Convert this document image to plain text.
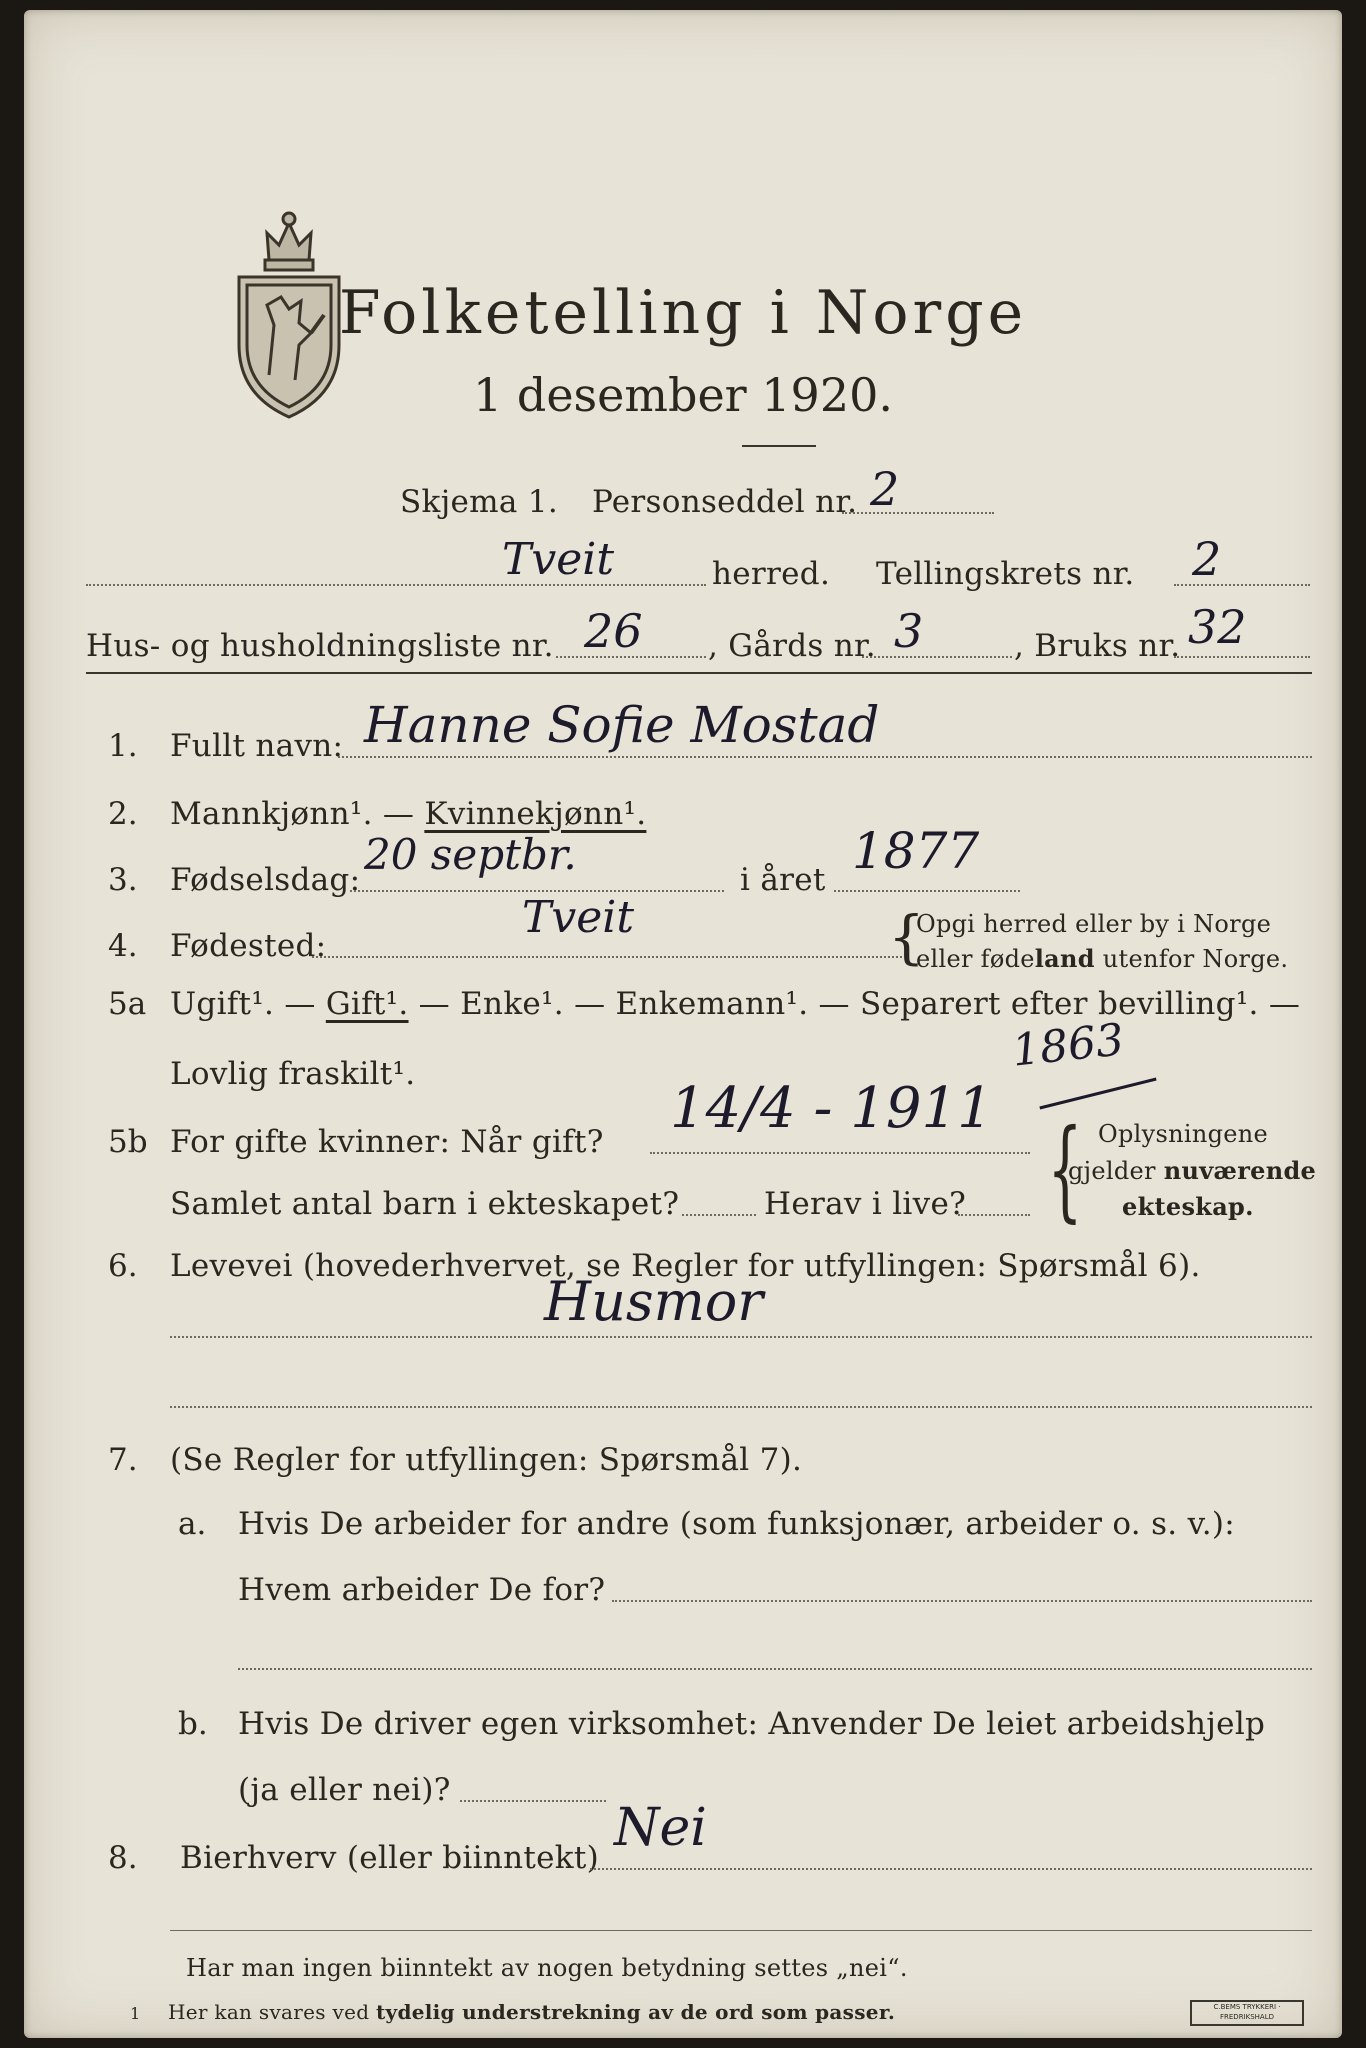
Folketelling i Norge
1 desember 1920.
Skjema 1. Personseddel nr. 2
Tveit	herred. Tellingskrets nr. 2
Hus- og husholdningsliste nr. 26 , Gårds nr. 3	, Bruks nr. 32
1. Fullt navn: Hanne Sofie Mostad
2. Mannkjønn¹. — Kvinnekjønn¹.
3. Fødselsdag:
20 septbr.
i året 1877
4. Fødested:
Tveit	{
Opgi herred eller by i Norge
eller fødeland utenfor Norge.
5a Ugift¹. — Gift¹. — Enke¹. — Enkemann¹. — Separert efter bevilling¹. —
Lovlig fraskilt¹.	1863
5b For gifte kvinner: Når gift?
14/4 - 1911
Samlet antal barn i ekteskapet?	Herav i live? { Oplysningene
gjelder nuværende
ekteskap.
6. Levevei (hovederhvervet, se Regler for utfyllingen: Spørsmål 6).
Husmor
7. (Se Regler for utfyllingen: Spørsmål 7).
a. Hvis De arbeider for andre (som funksjonær, arbeider o. s. v.):
Hvem arbeider De for?
b. Hvis De driver egen virksomhet: Anvender De leiet arbeidshjelp
(ja eller nei)?
8. Bierhverv (eller biinntekt) Nei
Har man ingen biinntekt av nogen betydning settes „nei“.
1 Her kan svares ved tydelig understrekning av de ord som passer.	C.BEMS TRYKKERI · FREDRIKSHALD
